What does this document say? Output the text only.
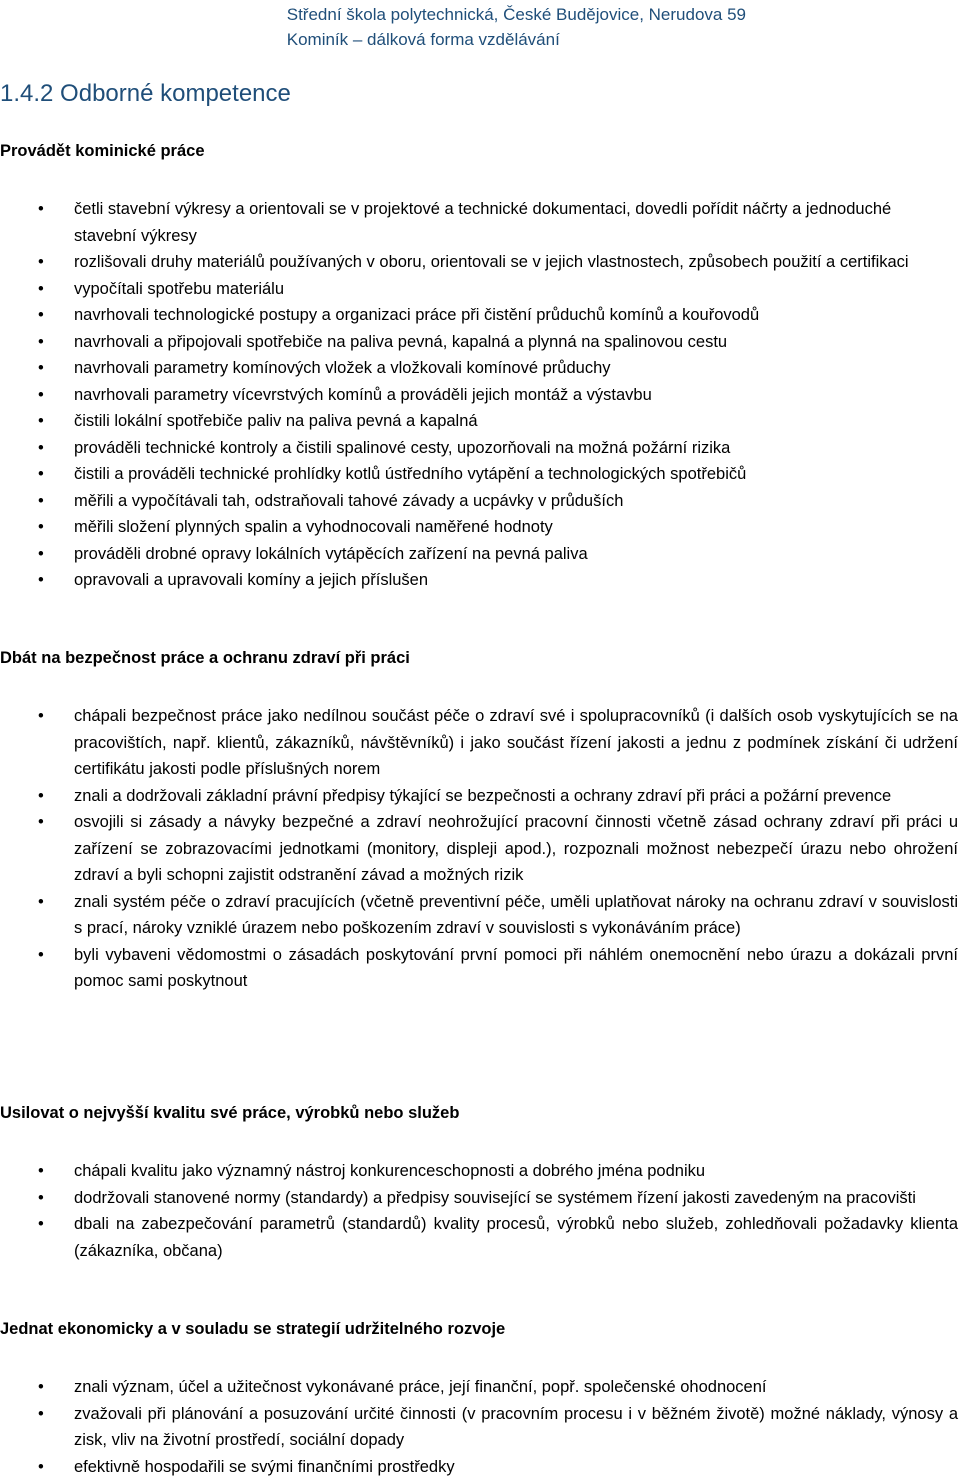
Střední škola polytechnická, České Budějovice, Nerudova 59
Kominík – dálková forma vzdělávání
1.4.2 Odborné kompetence
Provádět kominické práce
• četli stavební výkresy a orientovali se v projektové a technické dokumentaci, dovedli pořídit náčrty a jednoduché stavební výkresy
• rozlišovali druhy materiálů používaných v oboru, orientovali se v jejich vlastnostech, způsobech použití a certifikaci
• vypočítali spotřebu materiálu
• navrhovali technologické postupy a organizaci práce při čistění průduchů komínů a kouřovodů
• navrhovali a připojovali spotřebiče na paliva pevná, kapalná a plynná na spalinovou cestu
• navrhovali parametry komínových vložek a vložkovali komínové průduchy
• navrhovali parametry vícevrstvých komínů a prováděli jejich montáž a výstavbu
• čistili lokální spotřebiče paliv na paliva pevná a kapalná
• prováděli technické kontroly a čistili spalinové cesty, upozorňovali na možná požární rizika
• čistili a prováděli technické prohlídky kotlů ústředního vytápění a technologických spotřebičů
• měřili a vypočítávali tah, odstraňovali tahové závady a ucpávky v průduších
• měřili složení plynných spalin a vyhodnocovali naměřené hodnoty
• prováděli drobné opravy lokálních vytápěcích zařízení na pevná paliva
• opravovali a upravovali komíny a jejich příslušen
Dbát na bezpečnost práce a ochranu zdraví při práci
• chápali bezpečnost práce jako nedílnou součást péče o zdraví své i spolupracovníků (i dalších osob vyskytujících se na pracovištích, např. klientů, zákazníků, návštěvníků) i jako součást řízení jakosti a jednu z podmínek získání či udržení certifikátu jakosti podle příslušných norem
• znali a dodržovali základní právní předpisy týkající se bezpečnosti a ochrany zdraví při práci a požární prevence
• osvojili si zásady a návyky bezpečné a zdraví neohrožující pracovní činnosti včetně zásad ochrany zdraví při práci u zařízení se zobrazovacími jednotkami (monitory, displeji apod.), rozpoznali možnost nebezpečí úrazu nebo ohrožení zdraví a byli schopni zajistit odstranění závad a možných rizik
• znali systém péče o zdraví pracujících (včetně preventivní péče, uměli uplatňovat nároky na ochranu zdraví v souvislosti s prací, nároky vzniklé úrazem nebo poškozením zdraví v souvislosti s vykonáváním práce)
• byli vybaveni vědomostmi o zásadách poskytování první pomoci při náhlém onemocnění nebo úrazu a dokázali první pomoc sami poskytnout
Usilovat o nejvyšší kvalitu své práce, výrobků nebo služeb
• chápali kvalitu jako významný nástroj konkurenceschopnosti a dobrého jména podniku
• dodržovali stanovené normy (standardy) a předpisy související se systémem řízení jakosti zavedeným na pracovišti
• dbali na zabezpečování parametrů (standardů) kvality procesů, výrobků nebo služeb, zohledňovali požadavky klienta (zákazníka, občana)
Jednat ekonomicky a v souladu se strategií udržitelného rozvoje
• znali význam, účel a užitečnost vykonávané práce, její finanční, popř. společenské ohodnocení
• zvažovali při plánování a posuzování určité činnosti (v pracovním procesu i v běžném životě) možné náklady, výnosy a zisk, vliv na životní prostředí, sociální dopady
• efektivně hospodařili se svými finančními prostředky
